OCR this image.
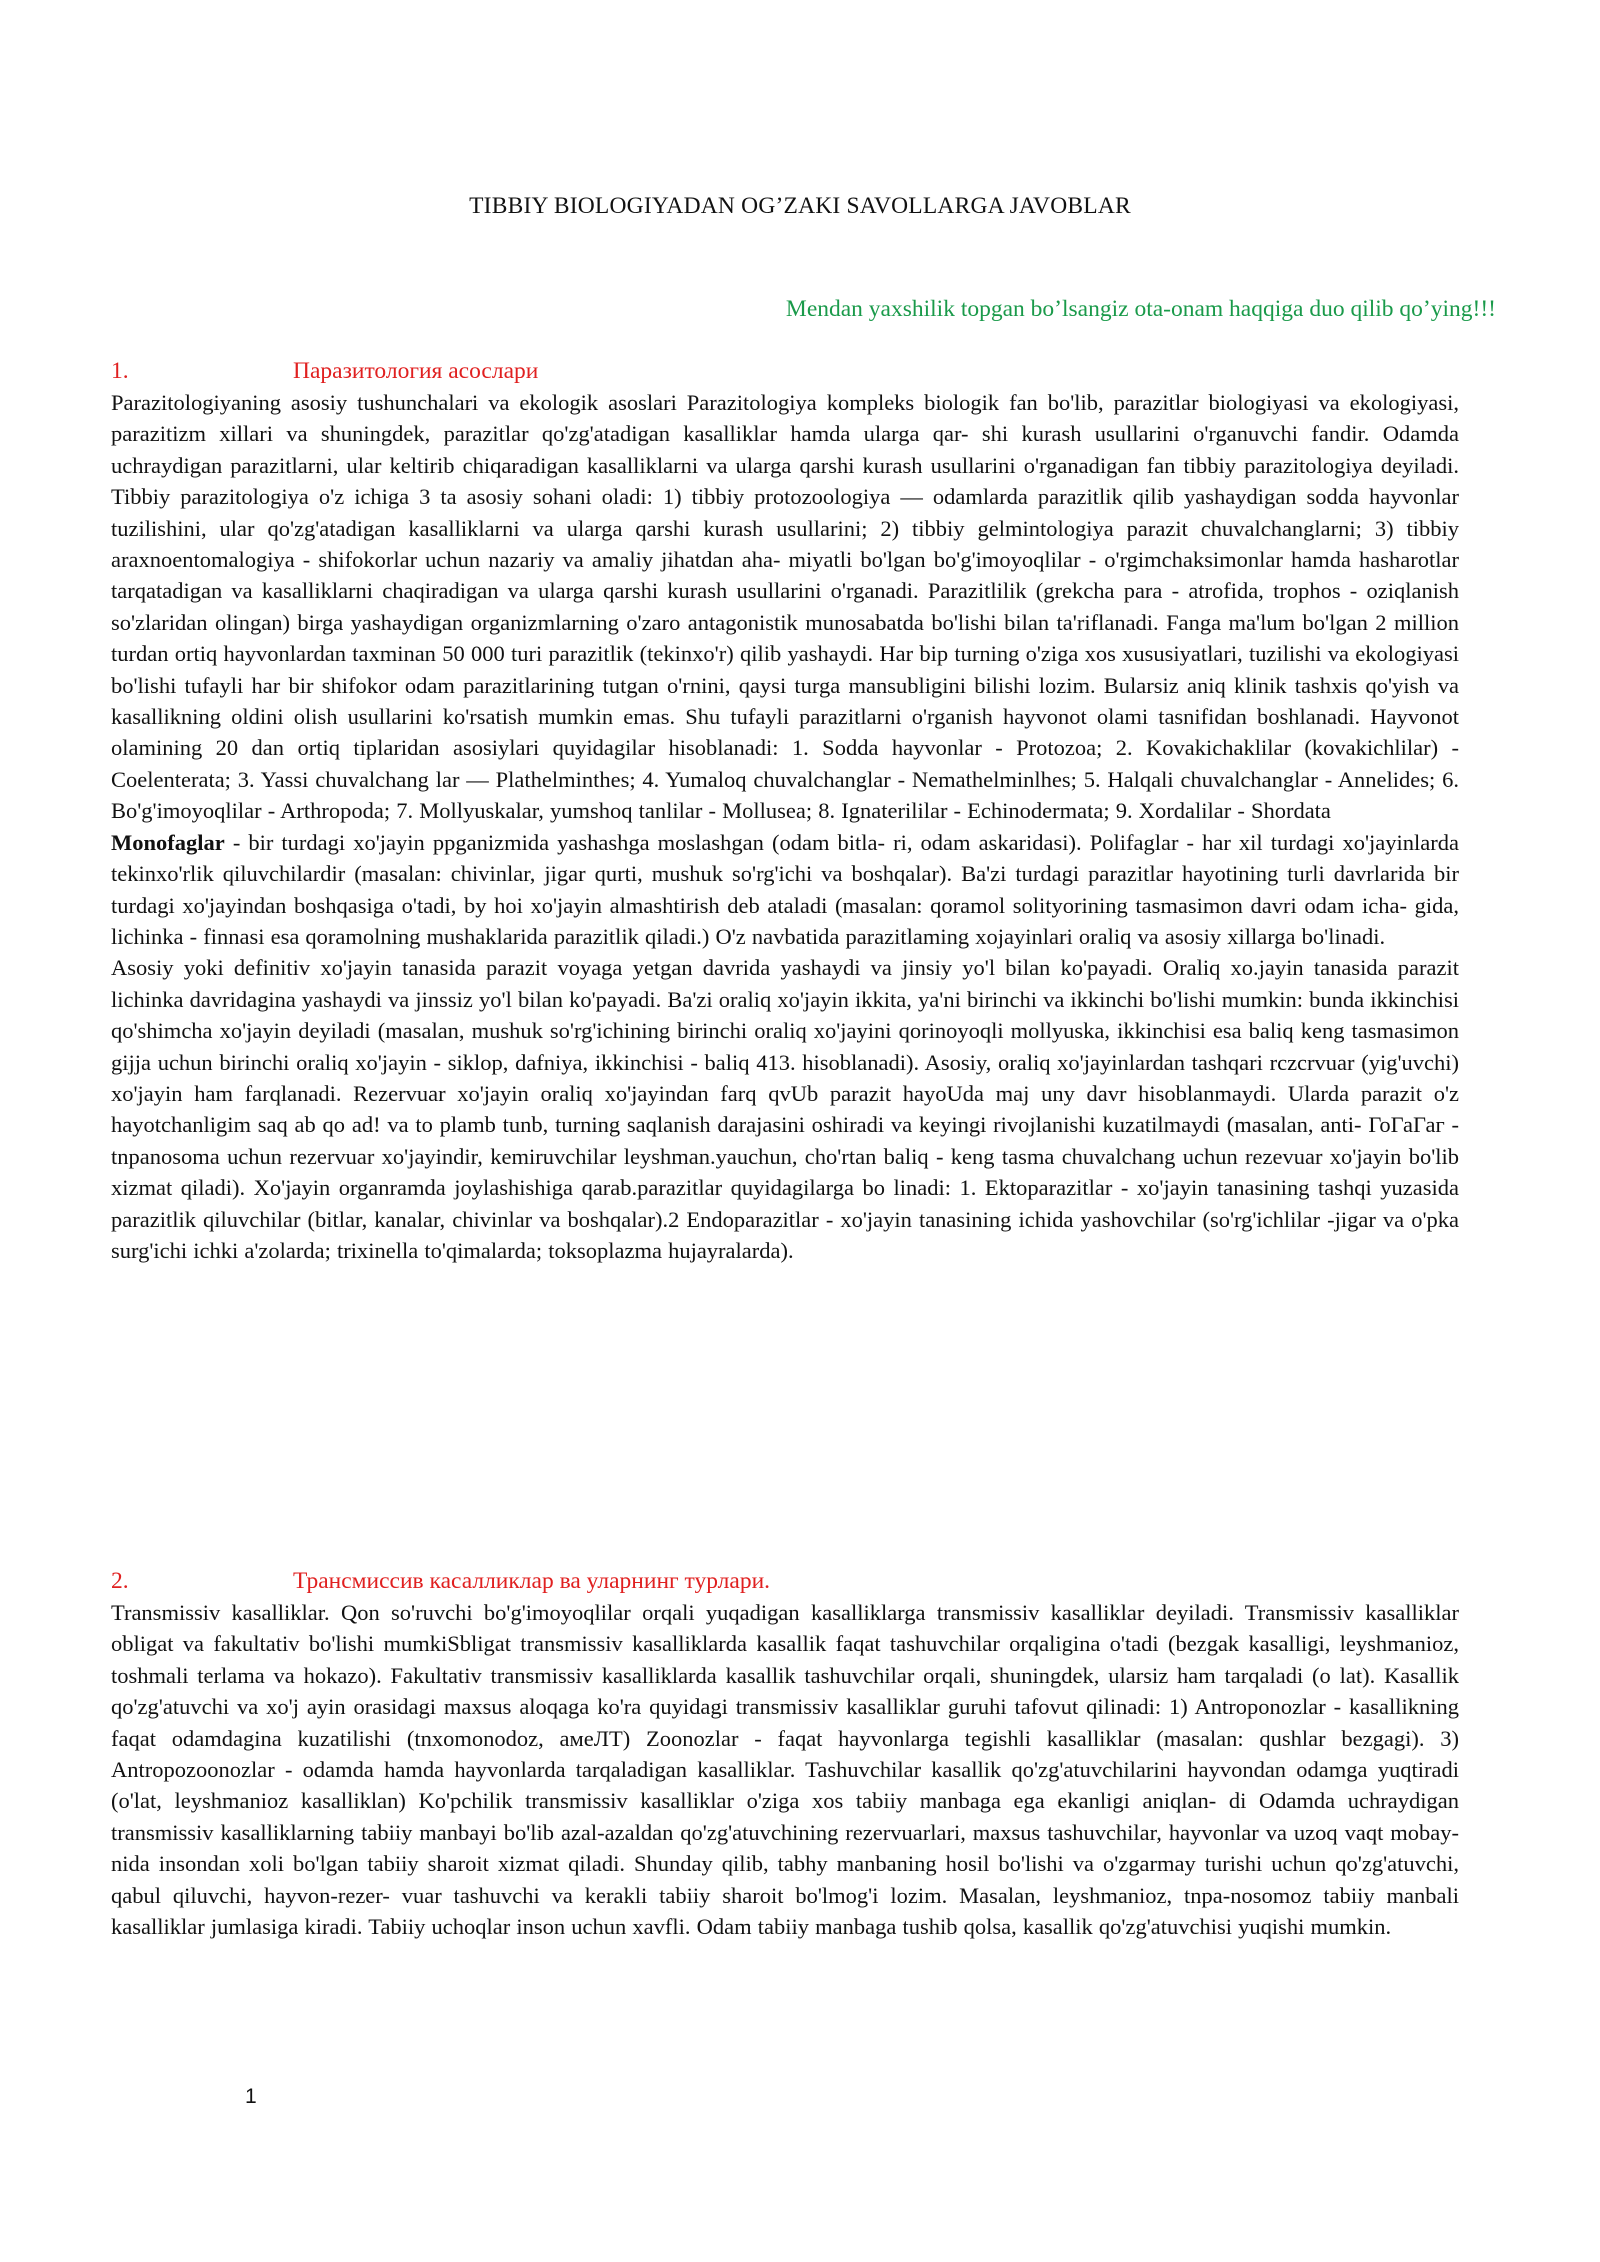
TIBBIY BIOLOGIYADAN OG’ZAKI SAVOLLARGA JAVOBLAR
Mendan yaxshilik topgan bo’lsangiz ota-onam haqqiga duo qilib qo’ying!!!
1.	Паразитология асослари

Parazitologiyaning asosiy tushunchalari va ekologik asoslari Parazitologiya kompleks biologik fan bo'lib, parazitlar biologiyasi va ekologiyasi, parazitizm xillari va shuningdek, parazitlar qo'zg'atadigan kasalliklar hamda ularga qar- shi kurash usullarini o'rganuvchi fandir. Odamda uchraydigan parazitlarni, ular keltirib chiqaradigan kasalliklarni va ularga qarshi kurash usullarini o'rganadigan fan tibbiy parazitologiya deyiladi. Tibbiy parazitologiya o'z ichiga 3 ta asosiy sohani oladi: 1) tibbiy protozoologiya — odamlarda parazitlik qilib yashaydigan sodda hayvonlar tuzilishini, ular qo'zg'atadigan kasalliklarni va ularga qarshi kurash usullarini; 2) tibbiy gelmintologiya parazit chuvalchanglarni; 3) tibbiy araxnoentomalogiya - shifokorlar uchun nazariy va amaliy jihatdan aha- miyatli bo'lgan bo'g'imoyoqlilar - o'rgimchaksimonlar hamda hasharotlar tarqatadigan va kasalliklarni chaqiradigan va ularga qarshi kurash usullarini o'rganadi. Parazitlilik (grekcha para - atrofida, trophos - oziqlanish so'zlaridan olingan) birga yashaydigan organizmlarning o'zaro antagonistik munosabatda bo'lishi bilan ta'riflanadi. Fanga ma'lum bo'lgan 2 million turdan ortiq hayvonlardan taxminan 50 000 turi parazitlik (tekinxo'r) qilib yashaydi. Har bip turning o'ziga xos xususiyatlari, tuzilishi va ekologiyasi bo'lishi tufayli har bir shifokor odam parazitlarining tutgan o'rnini, qaysi turga mansubligini bilishi lozim. Bularsiz aniq klinik tashxis qo'yish va kasallikning oldini olish usullarini ko'rsatish mumkin emas. Shu tufayli parazitlarni o'rganish hayvonot olami tasnifidan boshlanadi. Hayvonot olamining 20 dan ortiq tiplaridan asosiylari quyidagilar hisoblanadi: 1. Sodda hayvonlar - Protozoa; 2. Kovakichaklilar (kovakichlilar) - Coelenterata; 3. Yassi chuvalchang lar — Plathelminthes; 4. Yumaloq chuvalchanglar - Nemathelminlhes; 5. Halqali chuvalchanglar - Annelides; 6. Bo'g'imoyoqlilar - Arthropoda; 7. Mollyuskalar, yumshoq tanlilar - Mollusea; 8. Ignaterililar - Echinodermata; 9. Xordalilar - Shordata

Monofaglar - bir turdagi xo'jayin ppganizmida yashashga moslashgan (odam bitla- ri, odam askaridasi). Polifaglar - har xil turdagi xo'jayinlarda tekinxo'rlik qiluvchilardir (masalan: chivinlar, jigar qurti, mushuk so'rg'ichi va boshqalar). Ba'zi turdagi parazitlar hayotining turli davrlarida bir turdagi xo'jayindan boshqasiga o'tadi, by hoi xo'jayin almashtirish deb ataladi (masalan: qoramol solityorining tasmasimon davri odam icha- gida, lichinka - finnasi esa qoramolning mushaklarida parazitlik qiladi.) O'z navbatida parazitlaming xojayinlari oraliq va asosiy xillarga bo'linadi.

Asosiy yoki definitiv xo'jayin tanasida parazit voyaga yetgan davrida yashaydi va jinsiy yo'l bilan ko'payadi. Oraliq xo.jayin tanasida parazit lichinka davridagina yashaydi va jinssiz yo'l bilan ko'payadi. Ba'zi oraliq xo'jayin ikkita, ya'ni birinchi va ikkinchi bo'lishi mumkin: bunda ikkinchisi qo'shimcha xo'jayin deyiladi (masalan, mushuk so'rg'ichining birinchi oraliq xo'jayini qorinoyoqli mollyuska, ikkinchisi esa baliq keng tasmasimon gijja uchun birinchi oraliq xo'jayin - siklop, dafniya, ikkinchisi - baliq 413. hisoblanadi). Asosiy, oraliq xo'jayinlardan tashqari rczcrvuar (yig'uvchi) xo'jayin ham farqlanadi. Rezervuar xo'jayin oraliq xo'jayindan farq qvUb parazit hayoUda maj uny davr hisoblanmaydi. Ularda parazit o'z hayotchanligim saq ab qo ad! va to plamb tunb, turning saqlanish darajasini oshiradi va keyingi rivojlanishi kuzatilmaydi (masalan, anti- ГоГаГаг - tnpanosoma uchun rezervuar xo'jayindir, kemiruvchilar leyshman.yauchun, cho'rtan baliq - keng tasma chuvalchang uchun rezevuar xo'jayin bo'lib xizmat qiladi). Xo'jayin organramda joylashishiga qarab.parazitlar quyidagilarga bo linadi: 1. Ektoparazitlar - xo'jayin tanasining tashqi yuzasida parazitlik qiluvchilar (bitlar, kanalar, chivinlar va boshqalar).2 Endoparazitlar - xo'jayin tanasining ichida yashovchilar (so'rg'ichlilar -jigar va o'pka surg'ichi ichki a'zolarda; trixinella to'qimalarda; toksoplazma hujayralarda).

2.	Трансмиссив касалликлар ва уларнинг турлари.

Transmissiv kasalliklar. Qon so'ruvchi bo'g'imoyoqlilar orqali yuqadigan kasalliklarga transmissiv kasalliklar deyiladi. Transmissiv kasalliklar obligat va fakultativ bo'lishi mumkiSbligat transmissiv kasalliklarda kasallik faqat tashuvchilar orqaligina o'tadi (bezgak kasalligi, leyshmanioz, toshmali terlama va hokazo). Fakultativ transmissiv kasalliklarda kasallik tashuvchilar orqali, shuningdek, ularsiz ham tarqaladi (o lat). Kasallik qo'zg'atuvchi va xo'j ayin orasidagi maxsus aloqaga ko'ra quyidagi transmissiv kasalliklar guruhi tafovut qilinadi: 1) Antroponozlar - kasallikning faqat odamdagina kuzatilishi (tnxomonodoz, амеЛТ) Zoonozlar - faqat hayvonlarga tegishli kasalliklar (masalan: qushlar bezgagi). 3) Antropozoonozlar - odamda hamda hayvonlarda tarqaladigan kasalliklar. Tashuvchilar kasallik qo'zg'atuvchilarini hayvondan odamga yuqtiradi (o'lat, leyshmanioz kasalliklan) Ko'pchilik transmissiv kasalliklar o'ziga xos tabiiy manbaga ega ekanligi aniqlan- di Odamda uchraydigan transmissiv kasalliklarning tabiiy manbayi bo'lib azal-azaldan qo'zg'atuvchining rezervuarlari, maxsus tashuvchilar, hayvonlar va uzoq vaqt mobay- nida insondan xoli bo'lgan tabiiy sharoit xizmat qiladi. Shunday qilib, tabhy manbaning hosil bo'lishi va o'zgarmay turishi uchun qo'zg'atuvchi, qabul qiluvchi, hayvon-rezer- vuar tashuvchi va kerakli tabiiy sharoit bo'lmog'i lozim. Masalan, leyshmanioz, tnpa-nosomoz tabiiy manbali kasalliklar jumlasiga kiradi. Tabiiy uchoqlar inson uchun xavfli. Odam tabiiy manbaga tushib qolsa, kasallik qo'zg'atuvchisi yuqishi mumkin.

1
